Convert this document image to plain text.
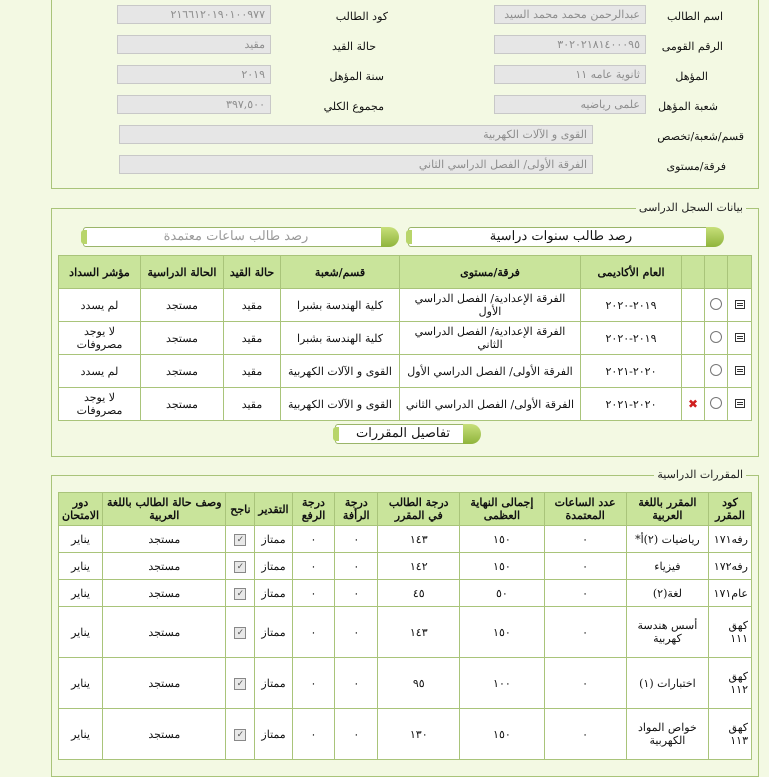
اسم الطالب
عبدالرحمن محمد محمد السيد
كود الطالب
٢١٦٦١٢٠١٩٠١٠٠٩٧٧
الرقم القومى
٣٠٢٠٢١٨١٤٠٠٠٩٥
حالة القيد
مقيد
المؤهل
ثانوية عامه ١١
سنة المؤهل
٢٠١٩
شعبة المؤهل
علمى رياضيه
مجموع الكلي
٣٩٧,٥٠٠
قسم/شعبة/تخصص
القوى و الآلات الكهربية
فرقة/مستوى
الفرقة الأولى/ الفصل الدراسي الثاني
بيانات السجل الدراسى
رصد طالب سنوات دراسية
رصد طالب ساعات معتمدة
			العام الأكاديمى	فرقة/مستوى	قسم/شعبة	حالة القيد	الحالة الدراسية	مؤشر السداد
			٢٠١٩-٢٠٢٠	الفرقة الإعدادية/ الفصل الدراسي الأول	كلية الهندسة بشبرا	مقيد	مستجد	لم يسدد
			٢٠١٩-٢٠٢٠	الفرقة الإعدادية/ الفصل الدراسي الثاني	كلية الهندسة بشبرا	مقيد	مستجد	لا يوجد مصروفات
			٢٠٢٠-٢٠٢١	الفرقة الأولى/ الفصل الدراسي الأول	القوى و الآلات الكهربية	مقيد	مستجد	لم يسدد
		✖	٢٠٢٠-٢٠٢١	الفرقة الأولى/ الفصل الدراسي الثاني	القوى و الآلات الكهربية	مقيد	مستجد	لا يوجد مصروفات
تفاصيل المقررات
المقررات الدراسية
كود المقرر	المقرر باللغة العربية	عدد الساعات المعتمدة	إجمالى النهاية العظمى	درجة الطالب في المقرر	درجة الرأفة	درجة الرفع	التقدير	ناجح	وصف حالة الطالب باللغة العربية	دور الامتحان
رفه١٧١	رياضيات (٢)أ*	٠	١٥٠	١٤٣	٠	٠	ممتاز	✓	مستجد	يناير
رفه١٧٢	فيزياء	٠	١٥٠	١٤٢	٠	٠	ممتاز	✓	مستجد	يناير
عام١٧١	لغة(٢)	٠	٥٠	٤٥	٠	٠	ممتاز	✓	مستجد	يناير
كهق ١١١	أسس هندسة كهربية	٠	١٥٠	١٤٣	٠	٠	ممتاز	✓	مستجد	يناير
كهق ١١٢	اختبارات (١)	٠	١٠٠	٩٥	٠	٠	ممتاز	✓	مستجد	يناير
كهق ١١٣	خواص المواد الكهربية	٠	١٥٠	١٣٠	٠	٠	ممتاز	✓	مستجد	يناير
